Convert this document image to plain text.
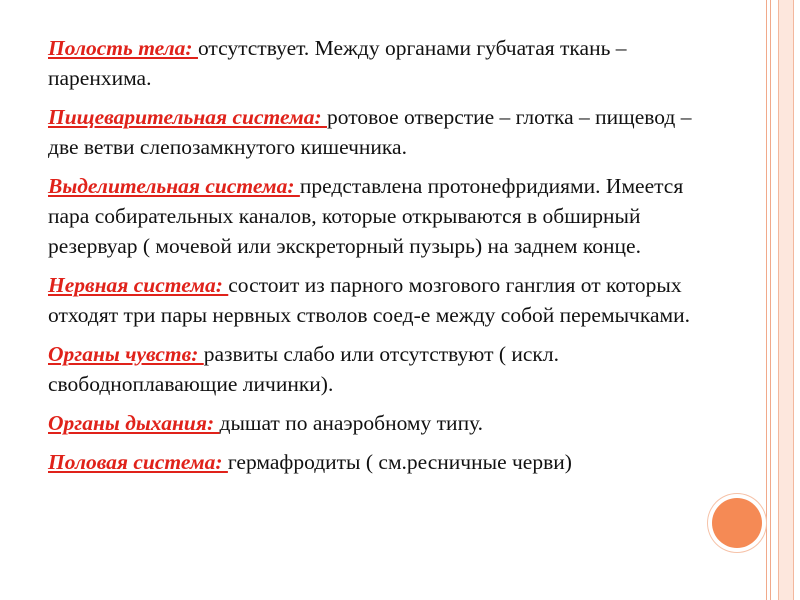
Полость тела: отсутствует. Между органами губчатая ткань – паренхима.

Пищеварительная система: ротовое отверстие – глотка – пищевод – две ветви слепозамкнутого кишечника.

Выделительная система: представлена протонефридиями. Имеется пара собирательных каналов, которые открываются в обширный резервуар ( мочевой или экскреторный пузырь) на заднем конце.

Нервная система: состоит из парного мозгового ганглия от которых отходят три пары нервных стволов соед-е между собой перемычками.

Органы чувств: развиты слабо или отсутствуют ( искл. свободноплавающие личинки).

Органы дыхания: дышат по анаэробному типу.

Половая система: гермафродиты ( см.ресничные черви)
